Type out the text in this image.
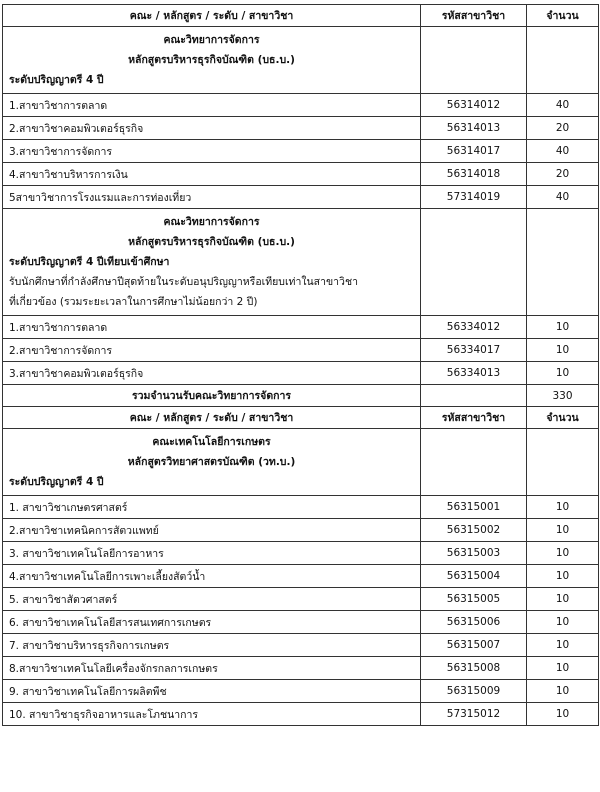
คณะ / หลักสูตร / ระดับ / สาขาวิชา	รหัสสาขาวิชา	จำนวน

คณะวิทยาการจัดการ
หลักสูตรบริหารธุรกิจบัณฑิต (บธ.บ.)
ระดับปริญญาตรี 4 ปี		

1.สาขาวิชาการตลาด	56314012	40
2.สาขาวิชาคอมพิวเตอร์ธุรกิจ	56314013	20
3.สาขาวิชาการจัดการ	56314017	40
4.สาขาวิชาบริหารการเงิน	56314018	20
5สาขาวิชาการโรงแรมและการท่องเที่ยว	57314019	40

คณะวิทยาการจัดการ
หลักสูตรบริหารธุรกิจบัณฑิต (บธ.บ.)
ระดับปริญญาตรี 4 ปีเทียบเข้าศึกษา
รับนักศึกษาที่กำลังศึกษาปีสุดท้ายในระดับอนุปริญญาหรือเทียบเท่าในสาขาวิชา
ที่เกี่ยวข้อง (รวมระยะเวลาในการศึกษาไม่น้อยกว่า 2 ปี)		

1.สาขาวิชาการตลาด	56334012	10
2.สาขาวิชาการจัดการ	56334017	10
3.สาขาวิชาคอมพิวเตอร์ธุรกิจ	56334013	10
รวมจำนวนรับคณะวิทยาการจัดการ		330
คณะ / หลักสูตร / ระดับ / สาขาวิชา	รหัสสาขาวิชา	จำนวน

คณะเทคโนโลยีการเกษตร
หลักสูตรวิทยาศาสตรบัณฑิต (วท.บ.)
ระดับปริญญาตรี 4 ปี		

1. สาขาวิชาเกษตรศาสตร์	56315001	10
2.สาขาวิชาเทคนิคการสัตวแพทย์	56315002	10
3. สาขาวิชาเทคโนโลยีการอาหาร	56315003	10
4.สาขาวิชาเทคโนโลยีการเพาะเลี้ยงสัตว์น้ำ	56315004	10
5. สาขาวิชาสัตวศาสตร์	56315005	10
6. สาขาวิชาเทคโนโลยีสารสนเทศการเกษตร	56315006	10
7. สาขาวิชาบริหารธุรกิจการเกษตร	56315007	10
8.สาขาวิชาเทคโนโลยีเครื่องจักรกลการเกษตร	56315008	10
9. สาขาวิชาเทคโนโลยีการผลิตพืช	56315009	10
10. สาขาวิชาธุรกิจอาหารและโภชนาการ	57315012	10
